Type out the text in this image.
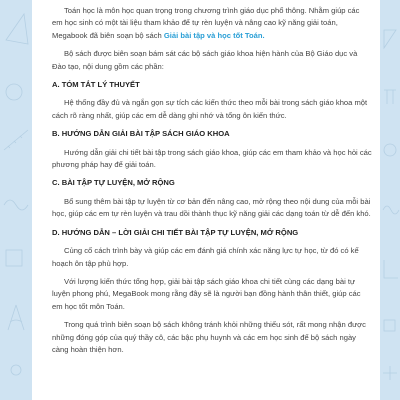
Toán học là môn học quan trọng trong chương trình giáo dục phổ thông. Nhằm giúp các em học sinh có một tài liệu tham khảo để tự rèn luyện và nâng cao kỹ năng giải toán, Megabook đã biên soạn bộ sách Giải bài tập và học tốt Toán.

Bộ sách được biên soạn bám sát các bộ sách giáo khoa hiện hành của Bộ Giáo dục và Đào tạo, nội dung gồm các phần:

A. TÓM TẮT LÝ THUYẾT

Hệ thống đầy đủ và ngắn gọn sự tích các kiến thức theo mỗi bài trong sách giáo khoa một cách rõ ràng nhất, giúp các em dễ dàng ghi nhớ và tổng ôn kiến thức.

B. HƯỚNG DẪN GIẢI BÀI TẬP SÁCH GIÁO KHOA

Hướng dẫn giải chi tiết bài tập trong sách giáo khoa, giúp các em tham khảo và học hỏi các phương pháp hay để giải toán.

C. BÀI TẬP TỰ LUYỆN, MỞ RỘNG

Bổ sung thêm bài tập tự luyện từ cơ bản đến nâng cao, mở rộng theo nội dung của mỗi bài học, giúp các em tự rèn luyện và trau dồi thành thục kỹ năng giải các dạng toán từ dễ đến khó.

D. HƯỚNG DẪN – LỜI GIẢI CHI TIẾT BÀI TẬP TỰ LUYỆN, MỞ RỘNG

Củng cố cách trình bày và giúp các em đánh giá chính xác năng lực tự học, từ đó có kế hoạch ôn tập phù hợp.

Với lượng kiến thức tổng hợp, giải bài tập sách giáo khoa chi tiết cùng các dạng bài tự luyện phong phú, MegaBook mong rằng đây sẽ là người bạn đồng hành thân thiết, giúp các em học tốt môn Toán.

Trong quá trình biên soạn bộ sách không tránh khỏi những thiếu sót, rất mong nhận được những đóng góp của quý thầy cô, các bậc phụ huynh và các em học sinh để bộ sách ngày càng hoàn thiện hơn.
